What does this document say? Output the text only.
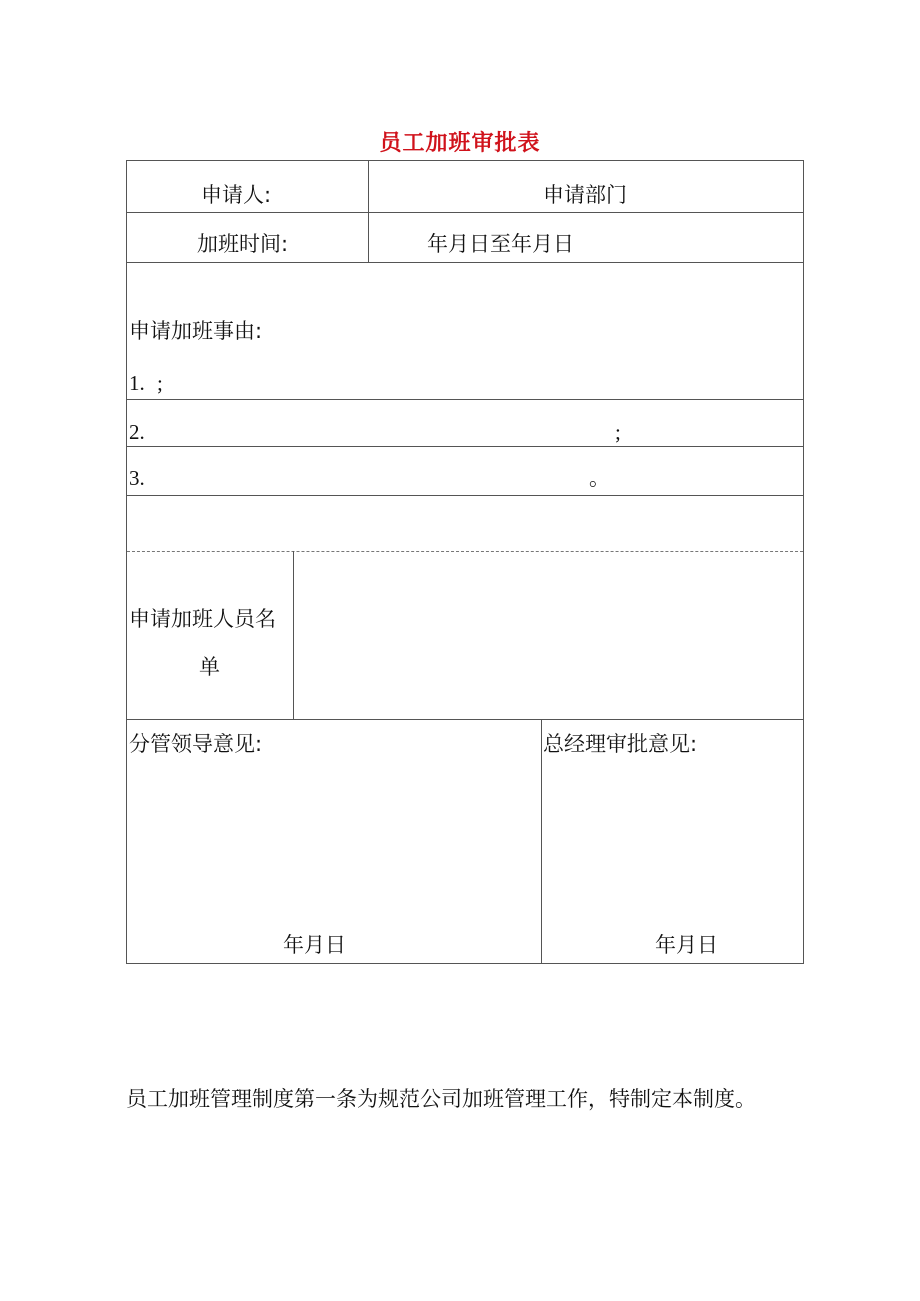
员工加班审批表
申请人:	申请部门
加班时间:	年月日至年月日
申请加班事由:
1. ;
2.	;
3.	。
申请加班人员名
单
分管领导意见:	总经理审批意见:
年月日	年月日
员工加班管理制度第一条为规范公司加班管理工作，特制定本制度。
